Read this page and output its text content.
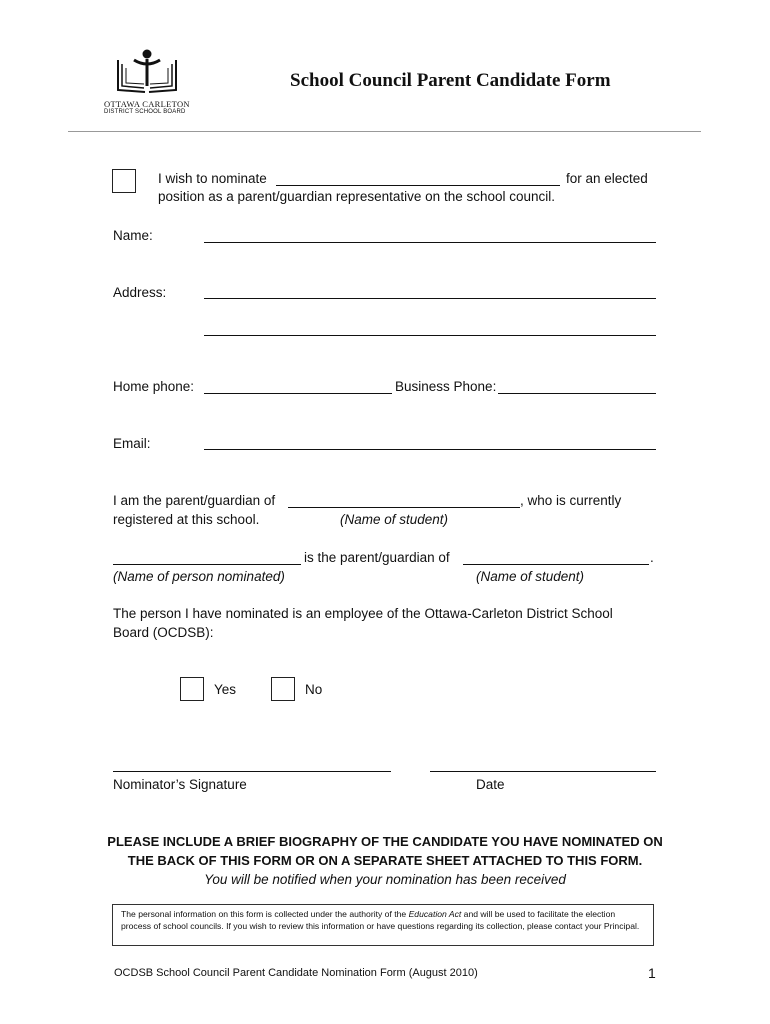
OTTAWA CARLETON
DISTRICT SCHOOL BOARD
School Council Parent Candidate Form
I wish to nominate	for an elected
position as a parent/guardian representative on the school council.
Name:
Address:
Home phone:	Business Phone:
Email:
I am the parent/guardian of	, who is currently
registered at this school.	(Name of student)
is the parent/guardian of	.
(Name of person nominated)	(Name of student)
The person I have nominated is an employee of the Ottawa-Carleton District School
Board (OCDSB):
Yes	No
Nominator’s Signature	Date
PLEASE INCLUDE A BRIEF BIOGRAPHY OF THE CANDIDATE YOU HAVE NOMINATED ON
THE BACK OF THIS FORM OR ON A SEPARATE SHEET ATTACHED TO THIS FORM.
You will be notified when your nomination has been received
The personal information on this form is collected under the authority of the Education Act and will be used to facilitate the election process of school councils. If you wish to review this information or have questions regarding its collection, please contact your Principal.
OCDSB School Council Parent Candidate Nomination Form (August 2010)	1
